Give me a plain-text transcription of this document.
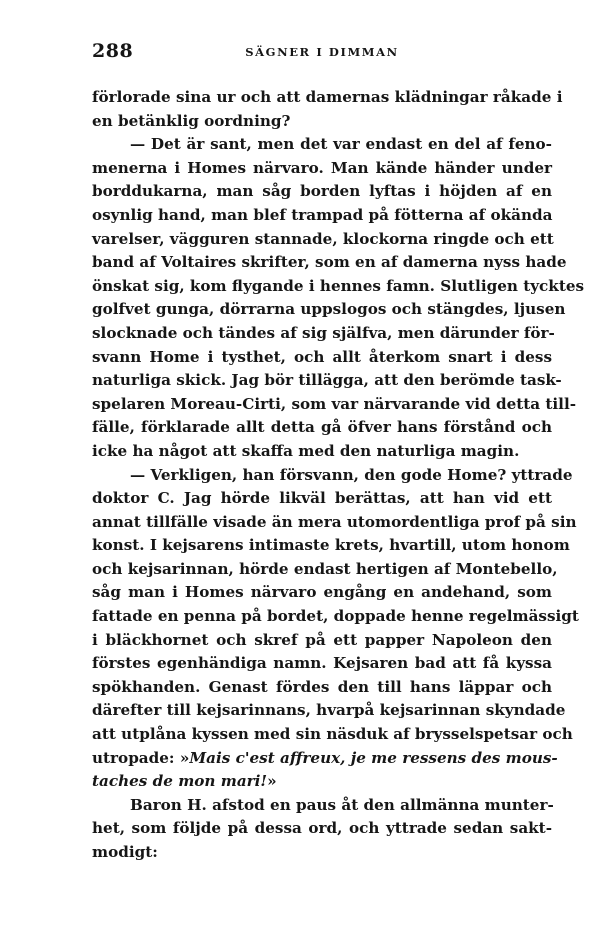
288	SÄGNER I DIMMAN
förlorade sina ur och att damernas klädningar råkade i
en betänklig oordning?
— Det är sant, men det var endast en del af feno-
menerna i Homes närvaro. Man kände händer under
borddukarna, man såg borden lyftas i höjden af en
osynlig hand, man blef trampad på fötterna af okända
varelser, vägguren stannade, klockorna ringde och ett
band af Voltaires skrifter, som en af damerna nyss hade
önskat sig, kom flygande i hennes famn. Slutligen tycktes
golfvet gunga, dörrarna uppslogos och stängdes, ljusen
slocknade och tändes af sig själfva, men därunder för-
svann Home i tysthet, och allt återkom snart i dess
naturliga skick. Jag bör tillägga, att den berömde task-
spelaren Moreau-Cirti, som var närvarande vid detta till-
fälle, förklarade allt detta gå öfver hans förstånd och
icke ha något att skaffa med den naturliga magin.
— Verkligen, han försvann, den gode Home? yttrade
doktor C. Jag hörde likväl berättas, att han vid ett
annat tillfälle visade än mera utomordentliga prof på sin
konst. I kejsarens intimaste krets, hvartill, utom honom
och kejsarinnan, hörde endast hertigen af Montebello,
såg man i Homes närvaro engång en andehand, som
fattade en penna på bordet, doppade henne regelmässigt
i bläckhornet och skref på ett papper Napoleon den
förstes egenhändiga namn. Kejsaren bad att få kyssa
spökhanden. Genast fördes den till hans läppar och
därefter till kejsarinnans, hvarpå kejsarinnan skyndade
att utplåna kyssen med sin näsduk af brysselspetsar och
utropade: »Mais c'est affreux, je me ressens des mous-
taches de mon mari!»
Baron H. afstod en paus åt den allmänna munter-
het, som följde på dessa ord, och yttrade sedan sakt-
modigt:
